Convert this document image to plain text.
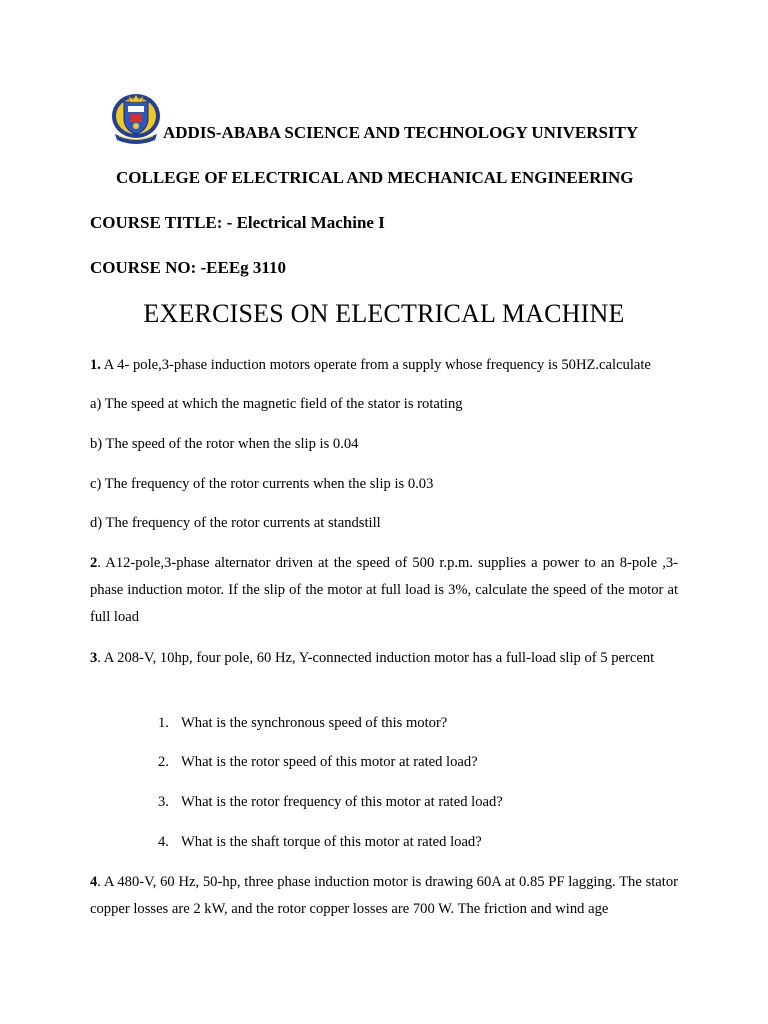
ADDIS-ABABA SCIENCE AND TECHNOLOGY UNIVERSITY
COLLEGE OF ELECTRICAL AND MECHANICAL ENGINEERING
COURSE TITLE: - Electrical Machine I
COURSE NO: -EEEg 3110
EXERCISES ON ELECTRICAL MACHINE
1. A 4- pole,3-phase induction motors operate from a supply whose frequency is 50HZ.calculate
a) The speed at which the magnetic field of the stator is rotating
b) The speed of the rotor when the slip is 0.04
c) The frequency of the rotor currents when the slip is 0.03
d) The frequency of the rotor currents at standstill
2. A12-pole,3-phase alternator driven at the speed of 500 r.p.m. supplies a power to an 8-pole ,3-phase induction motor. If the slip of the motor at full load is 3%, calculate the speed of the motor at full load
3. A 208-V, 10hp, four pole, 60 Hz, Y-connected induction motor has a full-load slip of 5 percent
1. What is the synchronous speed of this motor?
2. What is the rotor speed of this motor at rated load?
3. What is the rotor frequency of this motor at rated load?
4. What is the shaft torque of this motor at rated load?
4. A 480-V, 60 Hz, 50-hp, three phase induction motor is drawing 60A at 0.85 PF lagging. The stator copper losses are 2 kW, and the rotor copper losses are 700 W. The friction and wind age
